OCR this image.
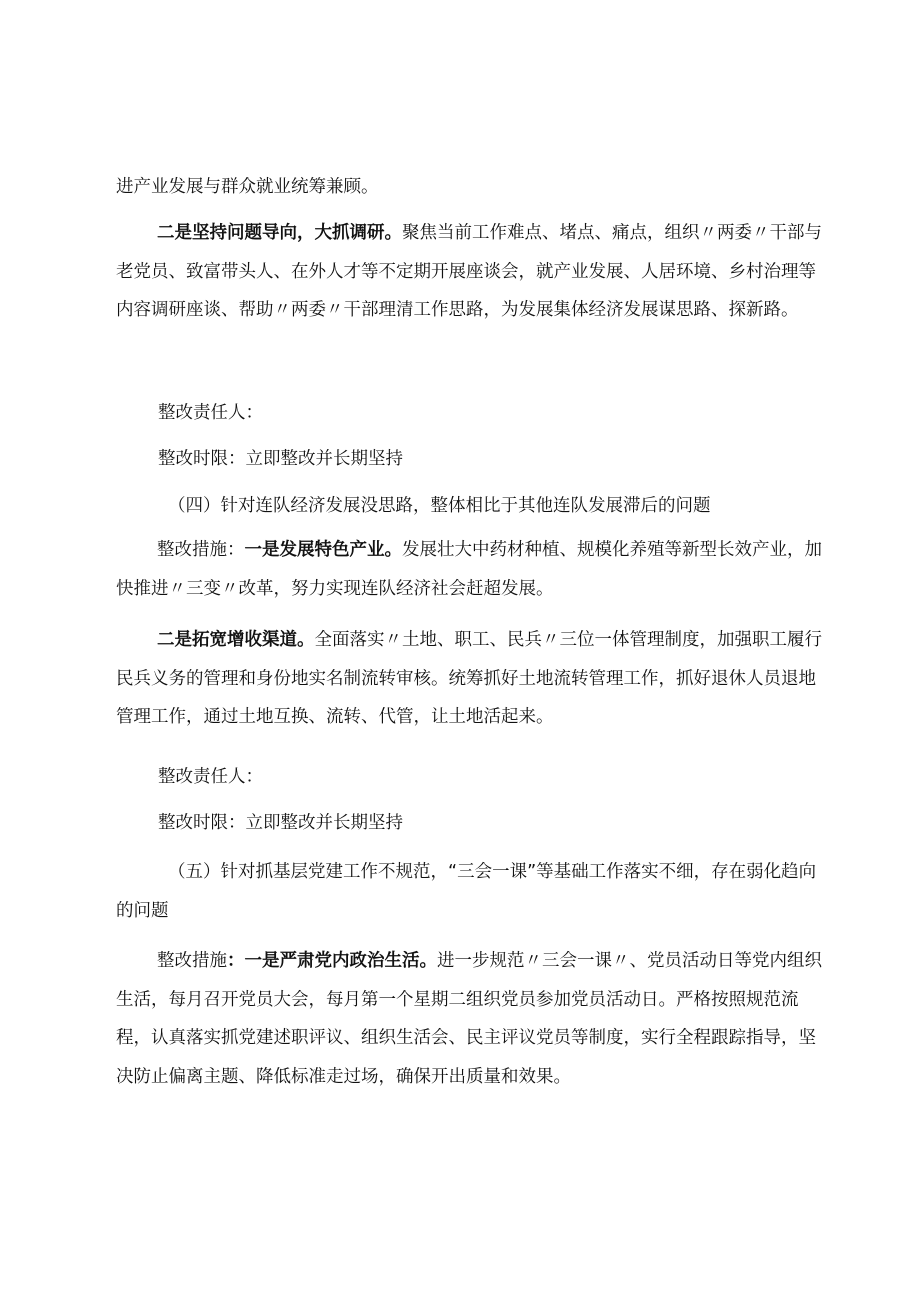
进产业发展与群众就业统筹兼顾。

二是坚持问题导向，大抓调研。聚焦当前工作难点、堵点、痛点，组织〃两委〃干部与老党员、致富带头人、在外人才等不定期开展座谈会，就产业发展、人居环境、乡村治理等内容调研座谈、帮助〃两委〃干部理清工作思路，为发展集体经济发展谋思路、探新路。

整改责任人：

整改时限：立即整改并长期坚持

（四）针对连队经济发展没思路，整体相比于其他连队发展滞后的问题

整改措施：一是发展特色产业。发展壮大中药材种植、规模化养殖等新型长效产业，加快推进〃三变〃改革，努力实现连队经济社会赶超发展。

二是拓宽增收渠道。全面落实〃土地、职工、民兵〃三位一体管理制度，加强职工履行民兵义务的管理和身份地实名制流转审核。统筹抓好土地流转管理工作，抓好退休人员退地管理工作，通过土地互换、流转、代管，让土地活起来。

整改责任人：

整改时限：立即整改并长期坚持

（五）针对抓基层党建工作不规范，“三会一课”等基础工作落实不细，存在弱化趋向的问题

整改措施：一是严肃党内政治生活。进一步规范〃三会一课〃、党员活动日等党内组织生活，每月召开党员大会，每月第一个星期二组织党员参加党员活动日。严格按照规范流程，认真落实抓党建述职评议、组织生活会、民主评议党员等制度，实行全程跟踪指导，坚决防止偏离主题、降低标准走过场，确保开出质量和效果。
